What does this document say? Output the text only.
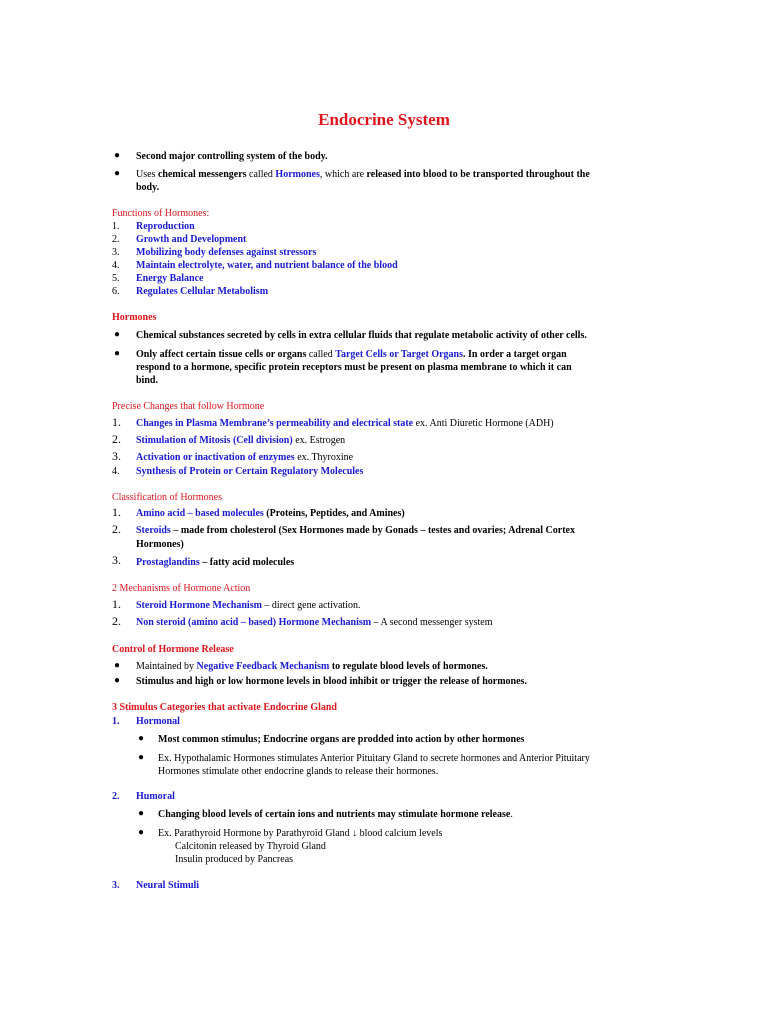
Endocrine System
● Second major controlling system of the body.
● Uses chemical messengers called Hormones, which are released into blood to be transported throughout the
body.
Functions of Hormones:
1. Reproduction
2. Growth and Development
3. Mobilizing body defenses against stressors
4. Maintain electrolyte, water, and nutrient balance of the blood
5. Energy Balance
6. Regulates Cellular Metabolism
Hormones
● Chemical substances secreted by cells in extra cellular fluids that regulate metabolic activity of other cells.
● Only affect certain tissue cells or organs called Target Cells or Target Organs. In order a target organ
respond to a hormone, specific protein receptors must be present on plasma membrane to which it can
bind.
Precise Changes that follow Hormone
1. Changes in Plasma Membrane’s permeability and electrical state ex. Anti Diuretic Hormone (ADH)
2. Stimulation of Mitosis (Cell division) ex. Estrogen
3. Activation or inactivation of enzymes ex. Thyroxine
4. Synthesis of Protein or Certain Regulatory Molecules
Classification of Hormones
1. Amino acid – based molecules (Proteins, Peptides, and Amines)
2. Steroids – made from cholesterol (Sex Hormones made by Gonads – testes and ovaries; Adrenal Cortex
Hormones)
3. Prostaglandins – fatty acid molecules
2 Mechanisms of Hormone Action
1. Steroid Hormone Mechanism – direct gene activation.
2. Non steroid (amino acid – based) Hormone Mechanism – A second messenger system
Control of Hormone Release
● Maintained by Negative Feedback Mechanism to regulate blood levels of hormones.
● Stimulus and high or low hormone levels in blood inhibit or trigger the release of hormones.
3 Stimulus Categories that activate Endocrine Gland
1. Hormonal
● Most common stimulus; Endocrine organs are prodded into action by other hormones
● Ex. Hypothalamic Hormones stimulates Anterior Pituitary Gland to secrete hormones and Anterior Pituitary
Hormones stimulate other endocrine glands to release their hormones.
2. Humoral
● Changing blood levels of certain ions and nutrients may stimulate hormone release.
● Ex. Parathyroid Hormone by Parathyroid Gland ↓ blood calcium levels
Calcitonin released by Thyroid Gland
Insulin produced by Pancreas
3. Neural Stimuli
